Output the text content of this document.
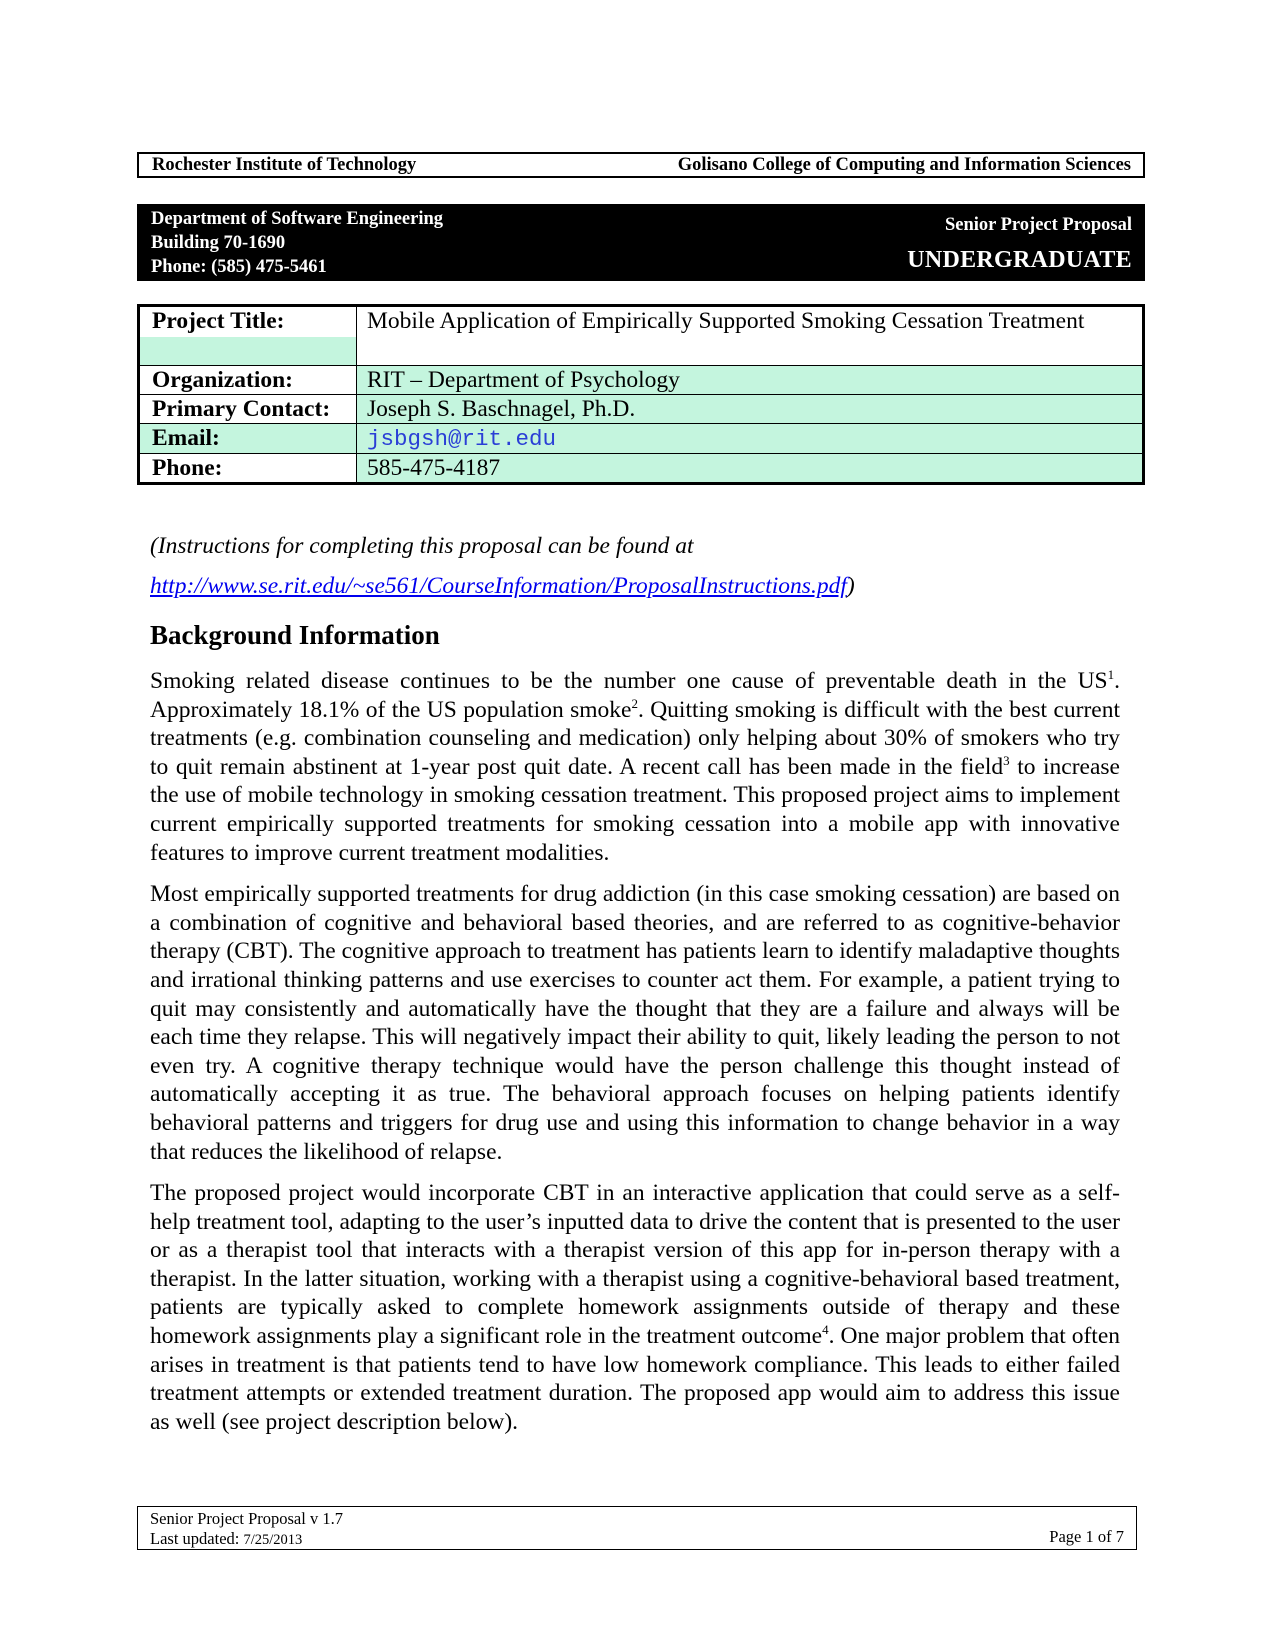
Rochester Institute of Technology	Golisano College of Computing and Information Sciences
Department of Software Engineering
Building 70-1690
Phone: (585) 475-5461
Senior Project Proposal
UNDERGRADUATE
Project Title:	Mobile Application of Empirically Supported Smoking Cessation Treatment
Organization:	RIT – Department of Psychology
Primary Contact:	Joseph S. Baschnagel, Ph.D.
Email:	jsbgsh@rit.edu
Phone:	585-475-4187
(Instructions for completing this proposal can be found at
http://www.se.rit.edu/~se561/CourseInformation/ProposalInstructions.pdf)
Background Information

Smoking related disease continues to be the number one cause of preventable death in the $US^1$. Approximately 18.1% of the US population smoke$^2$. Quitting smoking is difficult with the best current treatments (e.g. combination counseling and medication) only helping about 30% of smokers who try to quit remain abstinent at 1-year post quit date. A recent call has been made in the field$^3$ to increase the use of mobile technology in smoking cessation treatment. This proposed project aims to implement current empirically supported treatments for smoking cessation into a mobile app with innovative features to improve current treatment modalities.

Most empirically supported treatments for drug addiction (in this case smoking cessation) are based on a combination of cognitive and behavioral based theories, and are referred to as cognitive-behavior therapy (CBT). The cognitive approach to treatment has patients learn to identify maladaptive thoughts and irrational thinking patterns and use exercises to counter act them. For example, a patient trying to quit may consistently and automatically have the thought that they are a failure and always will be each time they relapse. This will negatively impact their ability to quit, likely leading the person to not even try. A cognitive therapy technique would have the person challenge this thought instead of automatically accepting it as true. The behavioral approach focuses on helping patients identify behavioral patterns and triggers for drug use and using this information to change behavior in a way that reduces the likelihood of relapse.

The proposed project would incorporate CBT in an interactive application that could serve as a self-help treatment tool, adapting to the user’s inputted data to drive the content that is presented to the user or as a therapist tool that interacts with a therapist version of this app for in-person therapy with a therapist. In the latter situation, working with a therapist using a cognitive-behavioral based treatment, patients are typically asked to complete homework assignments outside of therapy and these homework assignments play a significant role in the treatment outcome$^4$. One major problem that often arises in treatment is that patients tend to have low homework compliance. This leads to either failed treatment attempts or extended treatment duration. The proposed app would aim to address this issue as well (see project description below).

Senior Project Proposal v 1.7
Last updated: 7/25/2013	Page 1 of 7
